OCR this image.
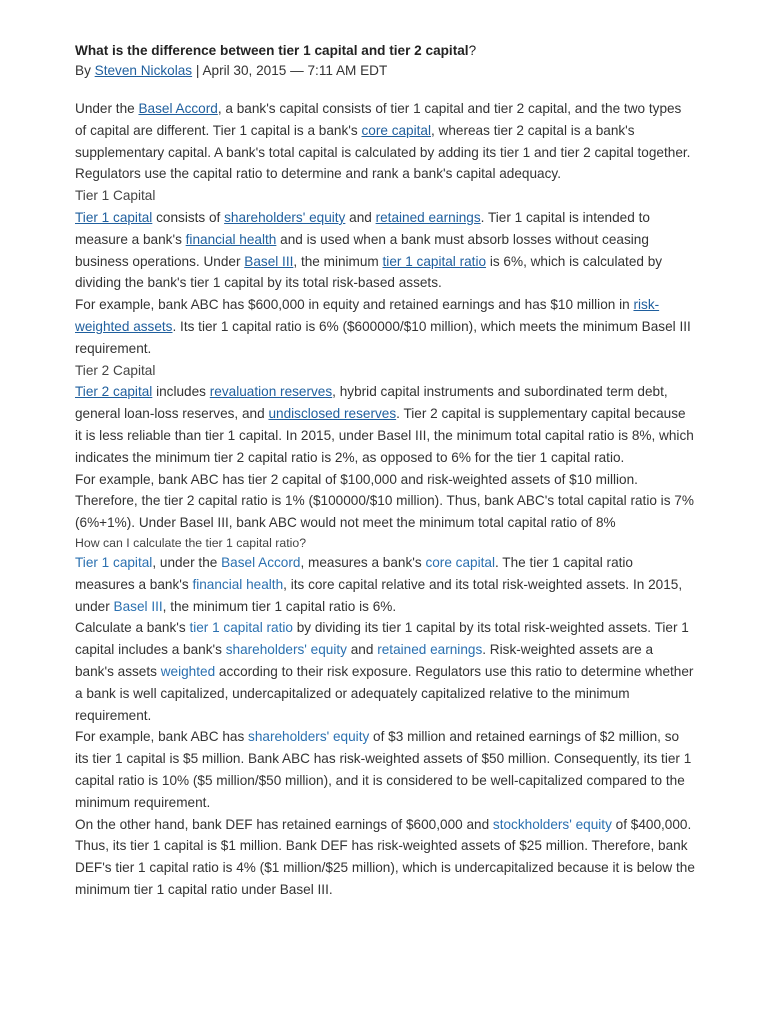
What is the difference between tier 1 capital and tier 2 capital?

By Steven Nickolas | April 30, 2015 — 7:11 AM EDT

Under the Basel Accord, a bank's capital consists of tier 1 capital and tier 2 capital, and the two types of capital are different. Tier 1 capital is a bank's core capital, whereas tier 2 capital is a bank's supplementary capital. A bank's total capital is calculated by adding its tier 1 and tier 2 capital together. Regulators use the capital ratio to determine and rank a bank's capital adequacy.

Tier 1 Capital

Tier 1 capital consists of shareholders' equity and retained earnings. Tier 1 capital is intended to measure a bank's financial health and is used when a bank must absorb losses without ceasing business operations. Under Basel III, the minimum tier 1 capital ratio is 6%, which is calculated by dividing the bank's tier 1 capital by its total risk-based assets.

For example, bank ABC has $600,000 in equity and retained earnings and has $10 million in risk-weighted assets. Its tier 1 capital ratio is 6% ($600000/$10 million), which meets the minimum Basel III requirement.

Tier 2 Capital

Tier 2 capital includes revaluation reserves, hybrid capital instruments and subordinated term debt, general loan-loss reserves, and undisclosed reserves. Tier 2 capital is supplementary capital because it is less reliable than tier 1 capital. In 2015, under Basel III, the minimum total capital ratio is 8%, which indicates the minimum tier 2 capital ratio is 2%, as opposed to 6% for the tier 1 capital ratio.

For example, bank ABC has tier 2 capital of $100,000 and risk-weighted assets of $10 million. Therefore, the tier 2 capital ratio is 1% ($100000/$10 million). Thus, bank ABC's total capital ratio is 7% (6%+1%). Under Basel III, bank ABC would not meet the minimum total capital ratio of 8%

How can I calculate the tier 1 capital ratio?

Tier 1 capital, under the Basel Accord, measures a bank's core capital. The tier 1 capital ratio measures a bank's financial health, its core capital relative and its total risk-weighted assets. In 2015, under Basel III, the minimum tier 1 capital ratio is 6%.

Calculate a bank's tier 1 capital ratio by dividing its tier 1 capital by its total risk-weighted assets. Tier 1 capital includes a bank's shareholders' equity and retained earnings. Risk-weighted assets are a bank's assets weighted according to their risk exposure. Regulators use this ratio to determine whether a bank is well capitalized, undercapitalized or adequately capitalized relative to the minimum requirement.

For example, bank ABC has shareholders' equity of $3 million and retained earnings of $2 million, so its tier 1 capital is $5 million. Bank ABC has risk-weighted assets of $50 million. Consequently, its tier 1 capital ratio is 10% ($5 million/$50 million), and it is considered to be well-capitalized compared to the minimum requirement.

On the other hand, bank DEF has retained earnings of $600,000 and stockholders' equity of $400,000. Thus, its tier 1 capital is $1 million. Bank DEF has risk-weighted assets of $25 million. Therefore, bank DEF's tier 1 capital ratio is 4% ($1 million/$25 million), which is undercapitalized because it is below the minimum tier 1 capital ratio under Basel III.
